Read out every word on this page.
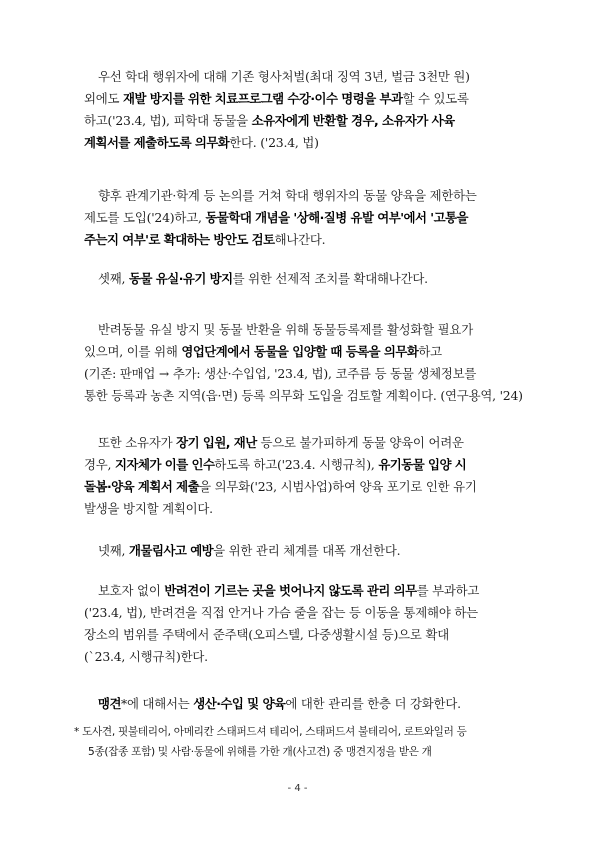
우선 학대 행위자에 대해 기존 형사처벌(최대 징역 3년, 벌금 3천만 원)
외에도 재발 방지를 위한 치료프로그램 수강·이수 명령을 부과할 수 있도록
하고('23.4, 법), 피학대 동물을 소유자에게 반환할 경우, 소유자가 사육
계획서를 제출하도록 의무화한다. ('23.4, 법)
향후 관계기관·학계 등 논의를 거쳐 학대 행위자의 동물 양육을 제한하는
제도를 도입('24)하고, 동물학대 개념을 '상해·질병 유발 여부'에서 '고통을
주는지 여부'로 확대하는 방안도 검토해나간다.
셋째, 동물 유실·유기 방지를 위한 선제적 조치를 확대해나간다.
반려동물 유실 방지 및 동물 반환을 위해 동물등록제를 활성화할 필요가
있으며, 이를 위해 영업단계에서 동물을 입양할 때 등록을 의무화하고
(기존: 판매업 → 추가: 생산·수입업, '23.4, 법), 코주름 등 동물 생체정보를
통한 등록과 농촌 지역(읍·면) 등록 의무화 도입을 검토할 계획이다. (연구용역, '24)
또한 소유자가 장기 입원, 재난 등으로 불가피하게 동물 양육이 어려운
경우, 지자체가 이를 인수하도록 하고('23.4. 시행규칙), 유기동물 입양 시
돌봄·양육 계획서 제출을 의무화('23, 시범사업)하여 양육 포기로 인한 유기
발생을 방지할 계획이다.
넷째, 개물림사고 예방을 위한 관리 체계를 대폭 개선한다.
보호자 없이 반려견이 기르는 곳을 벗어나지 않도록 관리 의무를 부과하고
('23.4, 법), 반려견을 직접 안거나 가슴 줄을 잡는 등 이동을 통제해야 하는
장소의 범위를 주택에서 준주택(오피스텔, 다중생활시설 등)으로 확대
(`23.4, 시행규칙)한다.
맹견*에 대해서는 생산·수입 및 양육에 대한 관리를 한층 더 강화한다.
* 도사견, 핏불테리어, 아메리칸 스태퍼드셔 테리어, 스태퍼드셔 불테리어, 로트와일러 등
5종(잡종 포함) 및 사람·동물에 위해를 가한 개(사고견) 중 맹견지정을 받은 개
- 4 -
